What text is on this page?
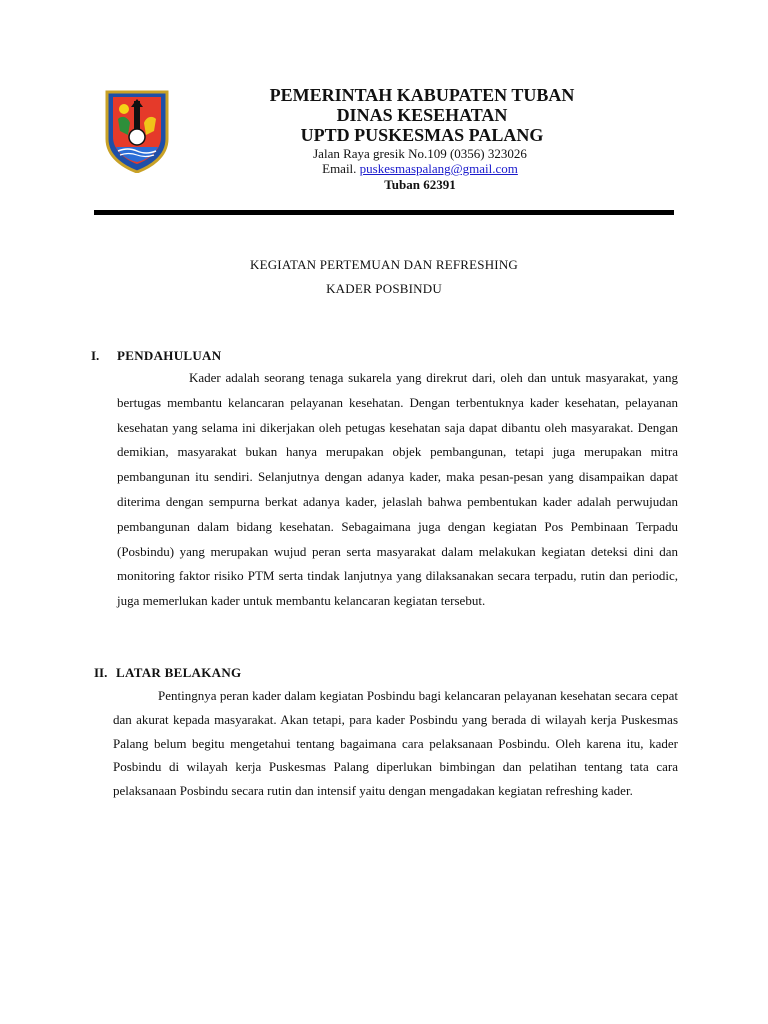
PEMERINTAH KABUPATEN TUBAN
DINAS KESEHATAN
UPTD PUSKESMAS PALANG
Jalan Raya gresik No.109 (0356) 323026
Email. puskesmaspalang@gmail.com
Tuban 62391
KEGIATAN PERTEMUAN DAN REFRESHING
KADER POSBINDU
I. PENDAHULUAN

Kader adalah seorang tenaga sukarela yang direkrut dari, oleh dan untuk masyarakat, yang bertugas membantu kelancaran pelayanan kesehatan. Dengan terbentuknya kader kesehatan, pelayanan kesehatan yang selama ini dikerjakan oleh petugas kesehatan saja dapat dibantu oleh masyarakat. Dengan demikian, masyarakat bukan hanya merupakan objek pembangunan, tetapi juga merupakan mitra pembangunan itu sendiri. Selanjutnya dengan adanya kader, maka pesan-pesan yang disampaikan dapat diterima dengan sempurna berkat adanya kader, jelaslah bahwa pembentukan kader adalah perwujudan pembangunan dalam bidang kesehatan. Sebagaimana juga dengan kegiatan Pos Pembinaan Terpadu (Posbindu) yang merupakan wujud peran serta masyarakat dalam melakukan kegiatan deteksi dini dan monitoring faktor risiko PTM serta tindak lanjutnya yang dilaksanakan secara terpadu, rutin dan periodic, juga memerlukan kader untuk membantu kelancaran kegiatan tersebut.

II. LATAR BELAKANG

Pentingnya peran kader dalam kegiatan Posbindu bagi kelancaran pelayanan kesehatan secara cepat dan akurat kepada masyarakat. Akan tetapi, para kader Posbindu yang berada di wilayah kerja Puskesmas Palang belum begitu mengetahui tentang bagaimana cara pelaksanaan Posbindu. Oleh karena itu, kader Posbindu di wilayah kerja Puskesmas Palang diperlukan bimbingan dan pelatihan tentang tata cara pelaksanaan Posbindu secara rutin dan intensif yaitu dengan mengadakan kegiatan refreshing kader.
